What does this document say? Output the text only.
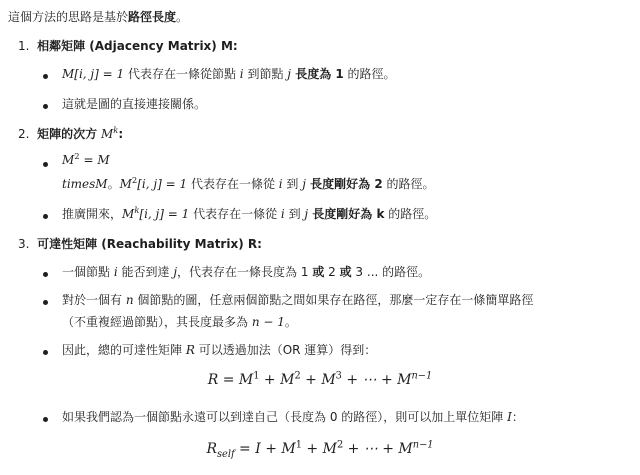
這個方法的思路是基於路徑長度。
1. 相鄰矩陣 (Adjacency Matrix) M:
M[i, j] = 1 代表存在一條從節點 i 到節點 j 長度為 1 的路徑。
這就是圖的直接連接關係。
2. 矩陣的次方 $M^k$:
$M^2 = M$
timesM。$M^2[i$, j] = 1 代表存在一條從 i 到 j 長度剛好為 2 的路徑。
推廣開來，$M^k[i$, j] = 1 代表存在一條從 i 到 j 長度剛好為 k 的路徑。
3. 可達性矩陣 (Reachability Matrix) R:
一個節點 i 能否到達 j，代表存在一條長度為 1 或 2 或 3 ... 的路徑。
對於一個有 n 個節點的圖，任意兩個節點之間如果存在路徑，那麼一定存在一條簡單路徑
（不重複經過節點），其長度最多為 n − 1。
因此，總的可達性矩陣 R 可以透過加法（OR 運算）得到：
$R = M^1 + M^2 + M^3$ + ⋯ + $M^{n-1}$
如果我們認為一個節點永遠可以到達自己（長度為 0 的路徑），則可以加上單位矩陣 I：
$R_{self} = I + M^1 + M^2$ + ⋯ + $M^{n-1}$
